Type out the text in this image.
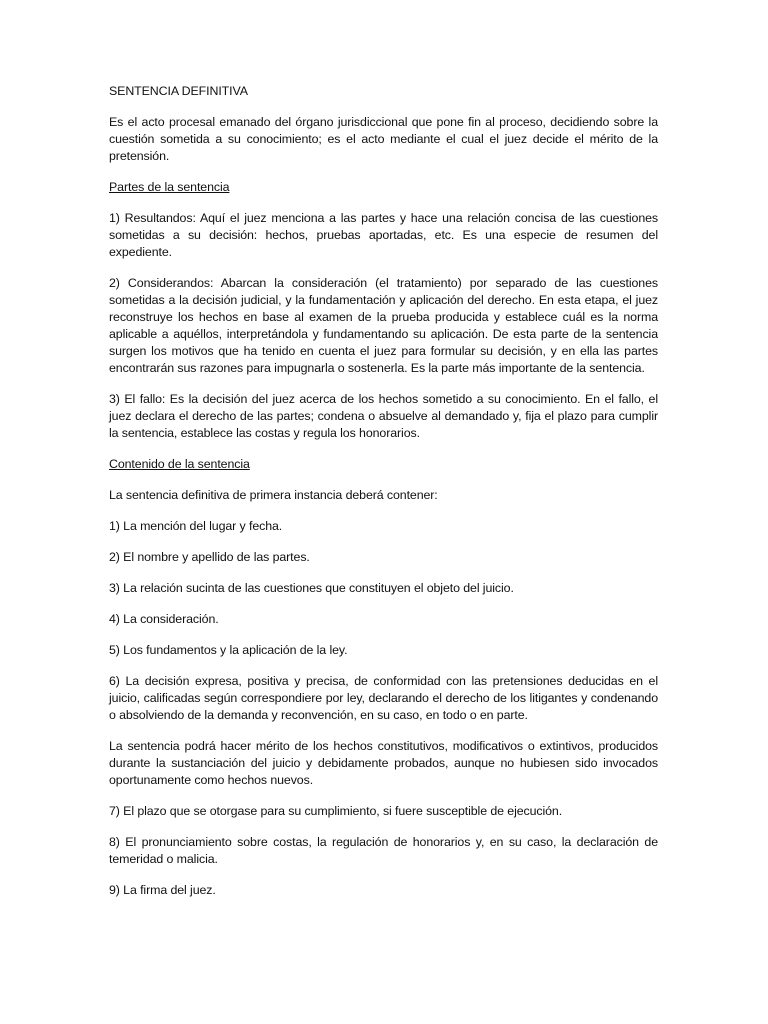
SENTENCIA DEFINITIVA

Es el acto procesal emanado del órgano jurisdiccional que pone fin al proceso, decidiendo sobre la cuestión sometida a su conocimiento; es el acto mediante el cual el juez decide el mérito de la pretensión.

Partes de la sentencia

1) Resultandos: Aquí el juez menciona a las partes y hace una relación concisa de las cuestiones sometidas a su decisión: hechos, pruebas aportadas, etc. Es una especie de resumen del expediente.

2) Considerandos: Abarcan la consideración (el tratamiento) por separado de las cuestiones sometidas a la decisión judicial, y la fundamentación y aplicación del derecho. En esta etapa, el juez reconstruye los hechos en base al examen de la prueba producida y establece cuál es la norma aplicable a aquéllos, interpretándola y fundamentando su aplicación. De esta parte de la sentencia surgen los motivos que ha tenido en cuenta el juez para formular su decisión, y en ella las partes encontrarán sus razones para impugnarla o sostenerla. Es la parte más importante de la sentencia.

3) El fallo: Es la decisión del juez acerca de los hechos sometido a su conocimiento. En el fallo, el juez declara el derecho de las partes; condena o absuelve al demandado y, fija el plazo para cumplir la sentencia, establece las costas y regula los honorarios.

Contenido de la sentencia

La sentencia definitiva de primera instancia deberá contener:

1) La mención del lugar y fecha.

2) El nombre y apellido de las partes.

3) La relación sucinta de las cuestiones que constituyen el objeto del juicio.

4) La consideración.

5) Los fundamentos y la aplicación de la ley.

6) La decisión expresa, positiva y precisa, de conformidad con las pretensiones deducidas en el juicio, calificadas según correspondiere por ley, declarando el derecho de los litigantes y condenando o absolviendo de la demanda y reconvención, en su caso, en todo o en parte.

La sentencia podrá hacer mérito de los hechos constitutivos, modificativos o extintivos, producidos durante la sustanciación del juicio y debidamente probados, aunque no hubiesen sido invocados oportunamente como hechos nuevos.

7) El plazo que se otorgase para su cumplimiento, si fuere susceptible de ejecución.

8) El pronunciamiento sobre costas, la regulación de honorarios y, en su caso, la declaración de temeridad o malicia.

9) La firma del juez.
